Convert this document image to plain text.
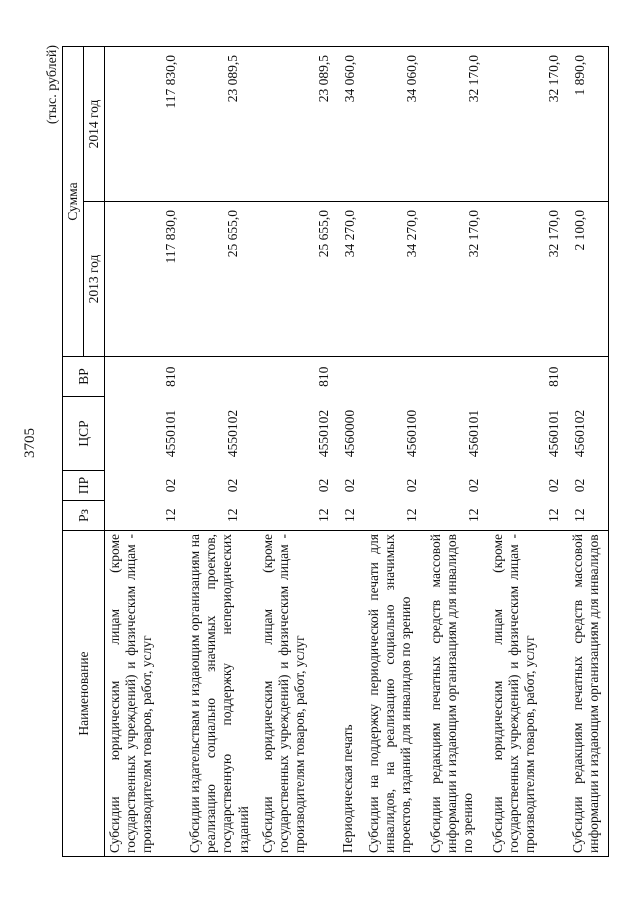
3705
(тыс. рублей)
Наименование	Рз	ПР	ЦСР	ВР	Сумма	
					2013 год	2014 год
Субсидии юридическим лицам (кроме государственных учреждений) и физическим лицам - производителям товаров, работ, услуг	12	02	4550101	810	117 830,0	117 830,0
Субсидии издательствам и издающим организациям на реализацию социально значимых проектов, государственную поддержку непериодических изданий	12	02	4550102		25 655,0	23 089,5
Субсидии юридическим лицам (кроме государственных учреждений) и физическим лицам - производителям товаров, работ, услуг	12	02	4550102	810	25 655,0	23 089,5
Периодическая печать	12	02	4560000		34 270,0	34 060,0
Субсидии на поддержку периодической печати для инвалидов, на реализацию социально значимых проектов, изданий для инвалидов по зрению	12	02	4560100		34 270,0	34 060,0
Субсидии редакциям печатных средств массовой информации и издающим организациям для инвалидов по зрению	12	02	4560101		32 170,0	32 170,0
Субсидии юридическим лицам (кроме государственных учреждений) и физическим лицам - производителям товаров, работ, услуг	12	02	4560101	810	32 170,0	32 170,0
Субсидии редакциям печатных средств массовой информации и издающим организациям для инвалидов	12	02	4560102		2 100,0	1 890,0
